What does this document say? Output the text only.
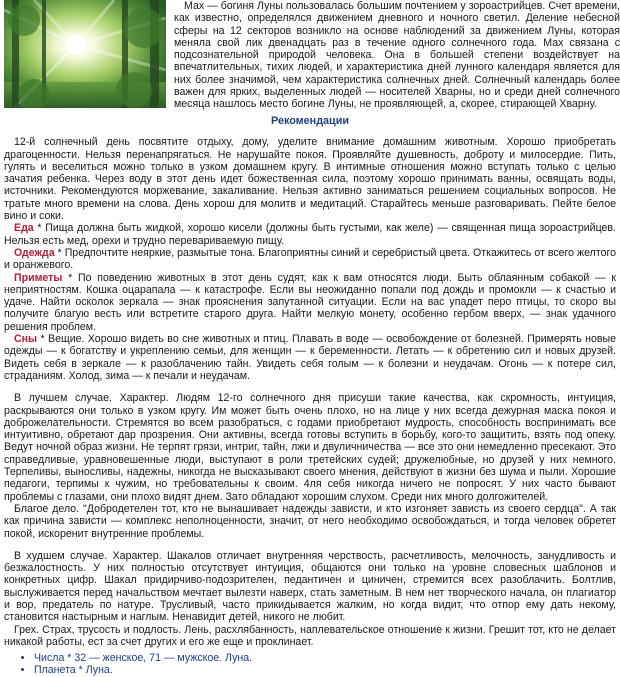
Мах — богиня Луны пользовалась большим почтением у зороастрийцев. Счет времени, как известно, определялся движением дневного и ночного светил. Деление небесной сферы на 12 секторов возникло на основе наблюдений за движением Луны, которая меняла свой лик двенадцать раз в течение одного солнечного года. Мах связана с подсознательной природой человека. Она в большей степени воздействует на впечатлительных, тихих людей, и характеристика дней лунного календаря является для них более значимой, чем характеристика солнечных дней. Солнечный календарь более важен для ярких, выделенных людей — носителей Хварны, но и среди дней солнечного месяца нашлось место богине Луны, не проявляющей, а, скорее, стирающей Хварну.

Рекомендации

12-й солнечный день посвятите отдыху, дому, уделите внимание домашним животным. Хорошо приобретать драгоценности. Нельзя перенапрягаться. Не нарушайте покоя. Проявляйте душевность, доброту и милосердие. Пить, гулять и веселиться можно только в узком домашнем кругу. В интимные отношения можно вступать только с целью зачатия ребенка. Через воду в этот день идет божественная сила, поэтому хорошо принимать ванны, освящать воды, источники. Рекомендуются моржевание, закаливание. Нельзя активно заниматься решением социальных вопросов. Не тратьте много времени на слова. День хорош для молитв и медитаций. Старайтесь меньше разговаривать. Пейте белое вино и соки.

Еда * Пища должна быть жидкой, хорошо кисели (должны быть густыми, как желе) — священная пища зороастрийцев. Нельзя есть мед, орехи и трудно перевариваемую пищу.

Одежда * Предпочтите неяркие, размытые тона. Благоприятны синий и серебристый цвета. Откажитесь от всего желтого и оранжевого.

Приметы * По поведению животных в этот день судят, как к вам относятся люди. Быть облаянным собакой — к неприятностям. Кошка оцарапала — к катастрофе. Если вы неожиданно попали под дождь и промокли — к счастью и удаче. Найти осколок зеркала — знак прояснения запутанной ситуации. Если на вас упадет перо птицы, то скоро вы получите благую весть или встретите старого друга. Найти мелкую монету, особенно гербом вверх, — знак удачного решения проблем.

Сны * Вещие. Хорошо видеть во сне животных и птиц. Плавать в воде — освобождение от болезней. Примерять новые одежды — к богатству и укреплению семьи, для женщин — к беременности. Летать — к обретению сил и новых друзей. Видеть себя в зеркале — к разоблачению тайн. Увидеть себя голым — к болезни и неудачам. Огонь — к потере сил, страданиям. Холод, зима — к печали и неудачам.

В лучшем случае. Характер. Людям 12-го солнечного дня присуши такие качества, как скромность, интуиция, раскрываются они только в узком кругу. Им может быть очень плохо, но на лице у них всегда дежурная маска покоя и доброжелательности. Стремятся во всем разобраться, с годами приобретают мудрость, способность воспринимать все интуитивно, обретают дар прозрения. Они активны, всегда готовы вступить в борьбу, кого-то защитить, взять под опеку. Ведут ночной образ жизни. Не терпят грязи, интриг, тайн, лжи и двуличничества — все это они немедленно пресекают. Это справедливые, уравновешенные люди, выступают в роли третейских судей; дружелюбные, но друзей у них немного. Терпеливы, выносливы, надежны, никогда не высказывают своего мнения, действуют в жизни без шума и пыли. Хорошие педагоги, терпимы к чужим, но требовательны к своим. 4ля себя никогда ничего не попросят. У них часто бывают проблемы с глазами, они плохо видят днем. Зато обладают хорошим слухом. Среди них много долгожителей.

Благое дело. "Добродетелен тот, кто не вынашивает надежды зависти, и кто изгоняет зависть из своего сердца". А так как причина зависти — комплекс неполноценности, значит, от него необходимо освобождаться, и тогда человек обретет покой, искоренит внутренние проблемы.

В худшем случае. Характер. Шакалов отличает внутренняя черствость, расчетливость, мелочность, занудливость и безжалостность. У них полностью отсутствует интуиция, общаются они только на уровне словесных шаблонов и конкретных цифр. Шакал придирчиво-подозрителен, педантичен и циничен, стремится всех разоблачить. Болтлив, выслуживается перед начальством мечтает вылезти наверх, стать заметным. В нем нет творческого начала, он плагиатор и вор, предатель по натуре. Трусливый, часто прикидывается жалким, но когда видит, что отпор ему дать некому, становится настырным и наглым. Ненавидит детей, никого не любит.

Грех. Страх, трусость и подлость. Лень, расхлябанность, наплевательское отношение к жизни. Грешит тот, кто не делает никакой работы, ест за счет других и его же еще и проклинает.

• Числа * 32 — женское, 71 — мужское. Луна.
• Планета * Луна.
